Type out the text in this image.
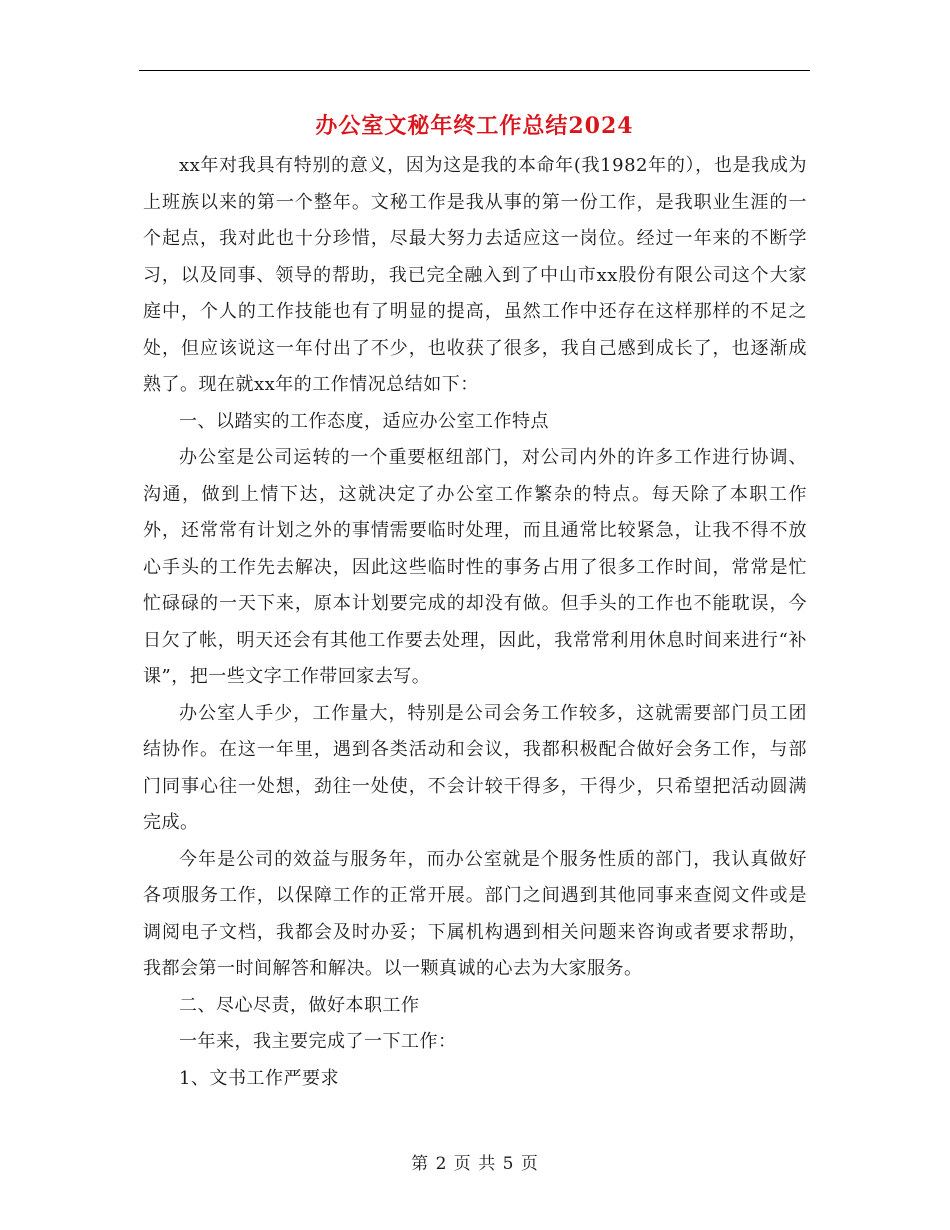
办公室文秘年终工作总结2024

xx年对我具有特别的意义，因为这是我的本命年(我1982年的），也是我成为上班族以来的第一个整年。文秘工作是我从事的第一份工作，是我职业生涯的一个起点，我对此也十分珍惜，尽最大努力去适应这一岗位。经过一年来的不断学习，以及同事、领导的帮助，我已完全融入到了中山市xx股份有限公司这个大家庭中，个人的工作技能也有了明显的提高，虽然工作中还存在这样那样的不足之处，但应该说这一年付出了不少，也收获了很多，我自己感到成长了，也逐渐成熟了。现在就xx年的工作情况总结如下：

一、以踏实的工作态度，适应办公室工作特点

办公室是公司运转的一个重要枢纽部门，对公司内外的许多工作进行协调、沟通，做到上情下达，这就决定了办公室工作繁杂的特点。每天除了本职工作外，还常常有计划之外的事情需要临时处理，而且通常比较紧急，让我不得不放心手头的工作先去解决，因此这些临时性的事务占用了很多工作时间，常常是忙忙碌碌的一天下来，原本计划要完成的却没有做。但手头的工作也不能耽误，今日欠了帐，明天还会有其他工作要去处理，因此，我常常利用休息时间来进行“补课”，把一些文字工作带回家去写。

办公室人手少，工作量大，特别是公司会务工作较多，这就需要部门员工团结协作。在这一年里，遇到各类活动和会议，我都积极配合做好会务工作，与部门同事心往一处想，劲往一处使，不会计较干得多，干得少，只希望把活动圆满完成。

今年是公司的效益与服务年，而办公室就是个服务性质的部门，我认真做好各项服务工作，以保障工作的正常开展。部门之间遇到其他同事来查阅文件或是调阅电子文档，我都会及时办妥；下属机构遇到相关问题来咨询或者要求帮助，我都会第一时间解答和解决。以一颗真诚的心去为大家服务。

二、尽心尽责，做好本职工作

一年来，我主要完成了一下工作：

1、文书工作严要求

第 2 页 共 5 页
